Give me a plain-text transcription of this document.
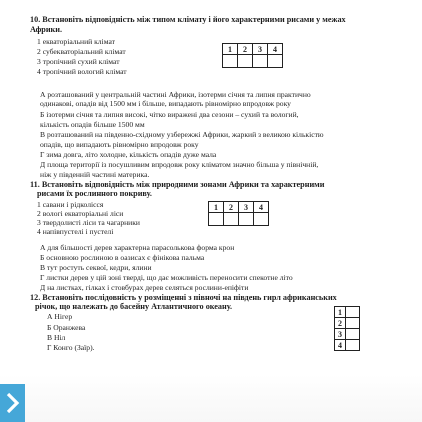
10. Встановіть відповідність між типом клімату і його характерними рисами у межах
Африки.
1 екваторіальний клімат
2 субекваторіальний клімат
3 тропічний сухий клімат
4 тропічний вологий клімат
1	2	3	4

А розташований у центральній частині Африки, ізотерми січня та липня практично
одинакові, опадів від 1500 мм і більше, випадають рівномірно впродовж року
Б ізотерми січня та липня високі, чітко виражені два сезони – сухий та вологий,
кількість опадів більше 1500 мм
В розташований на південно-східному узбережжі Африки, жаркий з великою кількістю
опадів, що випадають рівномірно впродовж року
Г зима довга, літо холодне, кількість опадів дуже мала
Д площа території із посушливим впродовж року кліматом значно більша у північній,
ніж у південній частині материка.
11. Встановіть відповідність між природними зонами Африки та характерними
рисами їх рослинного покриву.
1 савани і рідколісся
2 вологі екваторіальні ліси
3 твердолисті ліси та чагарники
4 напівпустелі і пустелі
1	2	3	4

А для більшості дерев характерна парасолькова форма крон
Б основною рослиною в оазисах є фінікова пальма
В тут ростуть секвої, кедри, ялини
Г листки дерев у цій зоні тверді, що дає можливість переносити спекотне літо
Д на листках, гілках і стовбурах дерев селяться рослини-епіфіти
12. Встановіть послідовність у розміщенні з півночі на південь гирл африканських
річок, що належать до басейну Атлантичного океану.
А Нігер
Б Оранжева
В Ніл
Г Конго (Заїр).
1	
2	
3	
4	
